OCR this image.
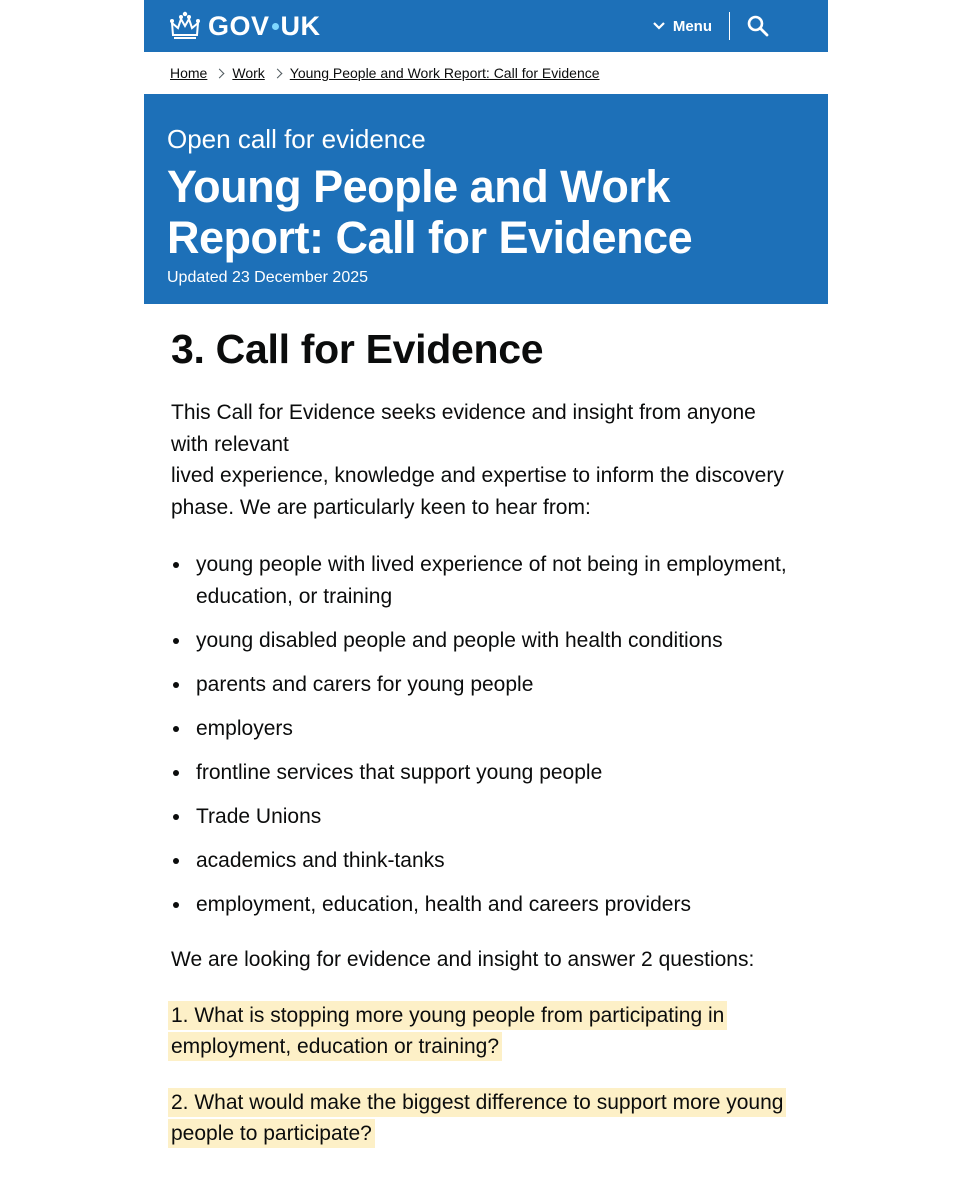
GOV UK	Menu
Home Work Young People and Work Report: Call for Evidence
Open call for evidence
Young People and Work
Report: Call for Evidence
Updated 23 December 2025
3. Call for Evidence

This Call for Evidence seeks evidence and insight from anyone with relevant
lived experience, knowledge and expertise to inform the discovery phase. We are particularly keen to hear from:

young people with lived experience of not being in employment, education, or training
young disabled people and people with health conditions
parents and carers for young people
employers
frontline services that support young people
Trade Unions
academics and think-tanks
employment, education, health and careers providers

We are looking for evidence and insight to answer 2 questions:

1. What is stopping more young people from participating in employment, education or training?

2. What would make the biggest difference to support more young people to participate?
